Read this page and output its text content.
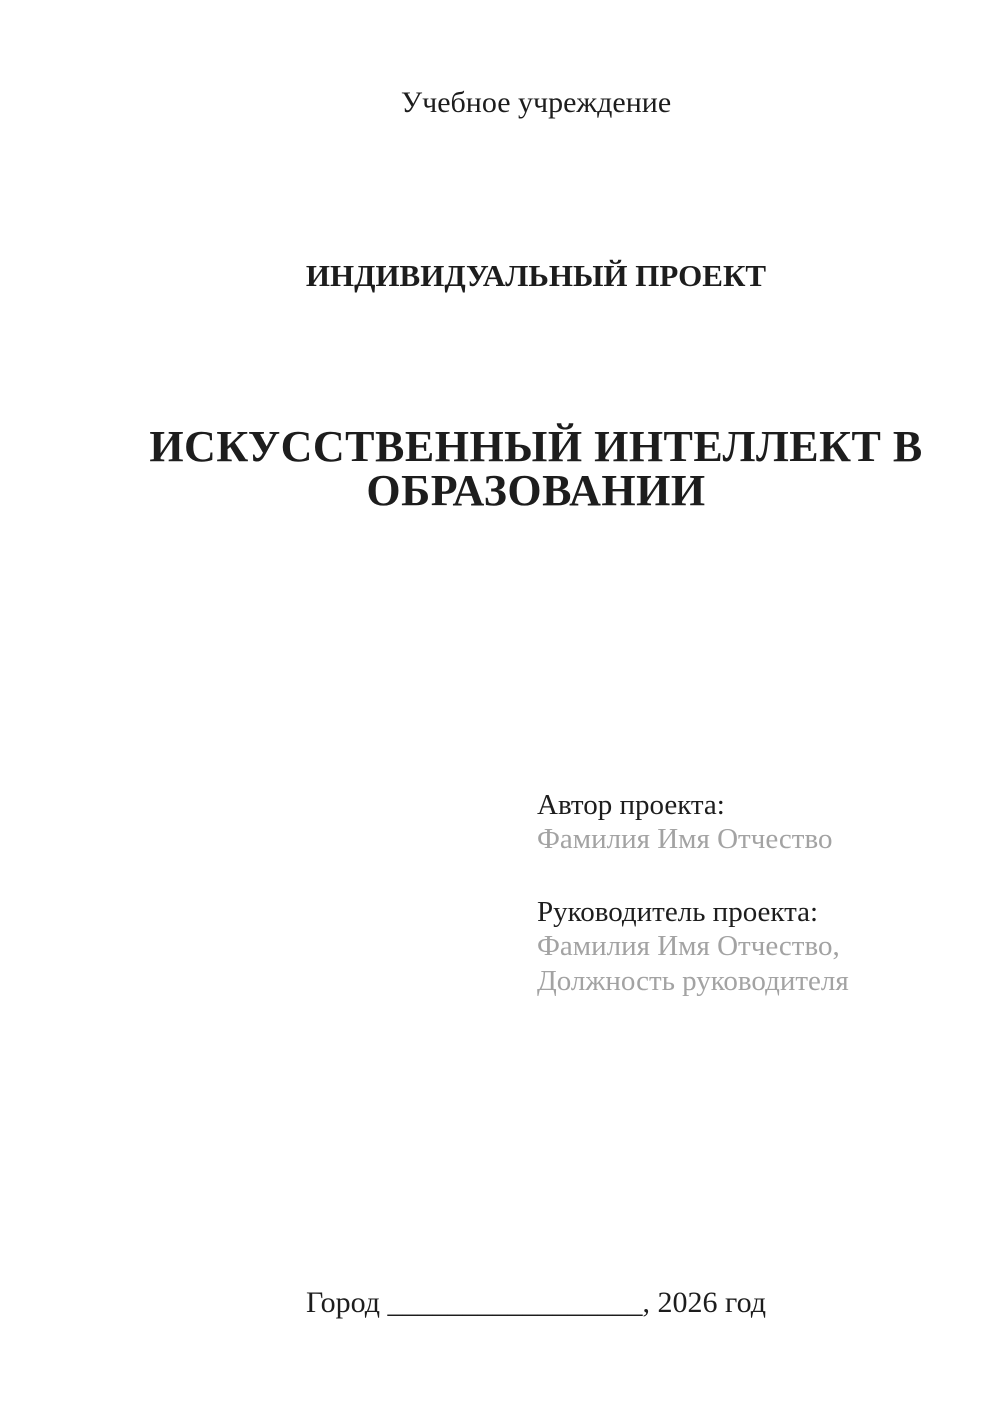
Учебное учреждение
ИНДИВИДУАЛЬНЫЙ ПРОЕКТ
ИСКУССТВЕННЫЙ ИНТЕЛЛЕКТ В ОБРАЗОВАНИИ
Автор проекта:
Фамилия Имя Отчество
Руководитель проекта:
Фамилия Имя Отчество,
Должность руководителя
Город _________________, 2026 год
